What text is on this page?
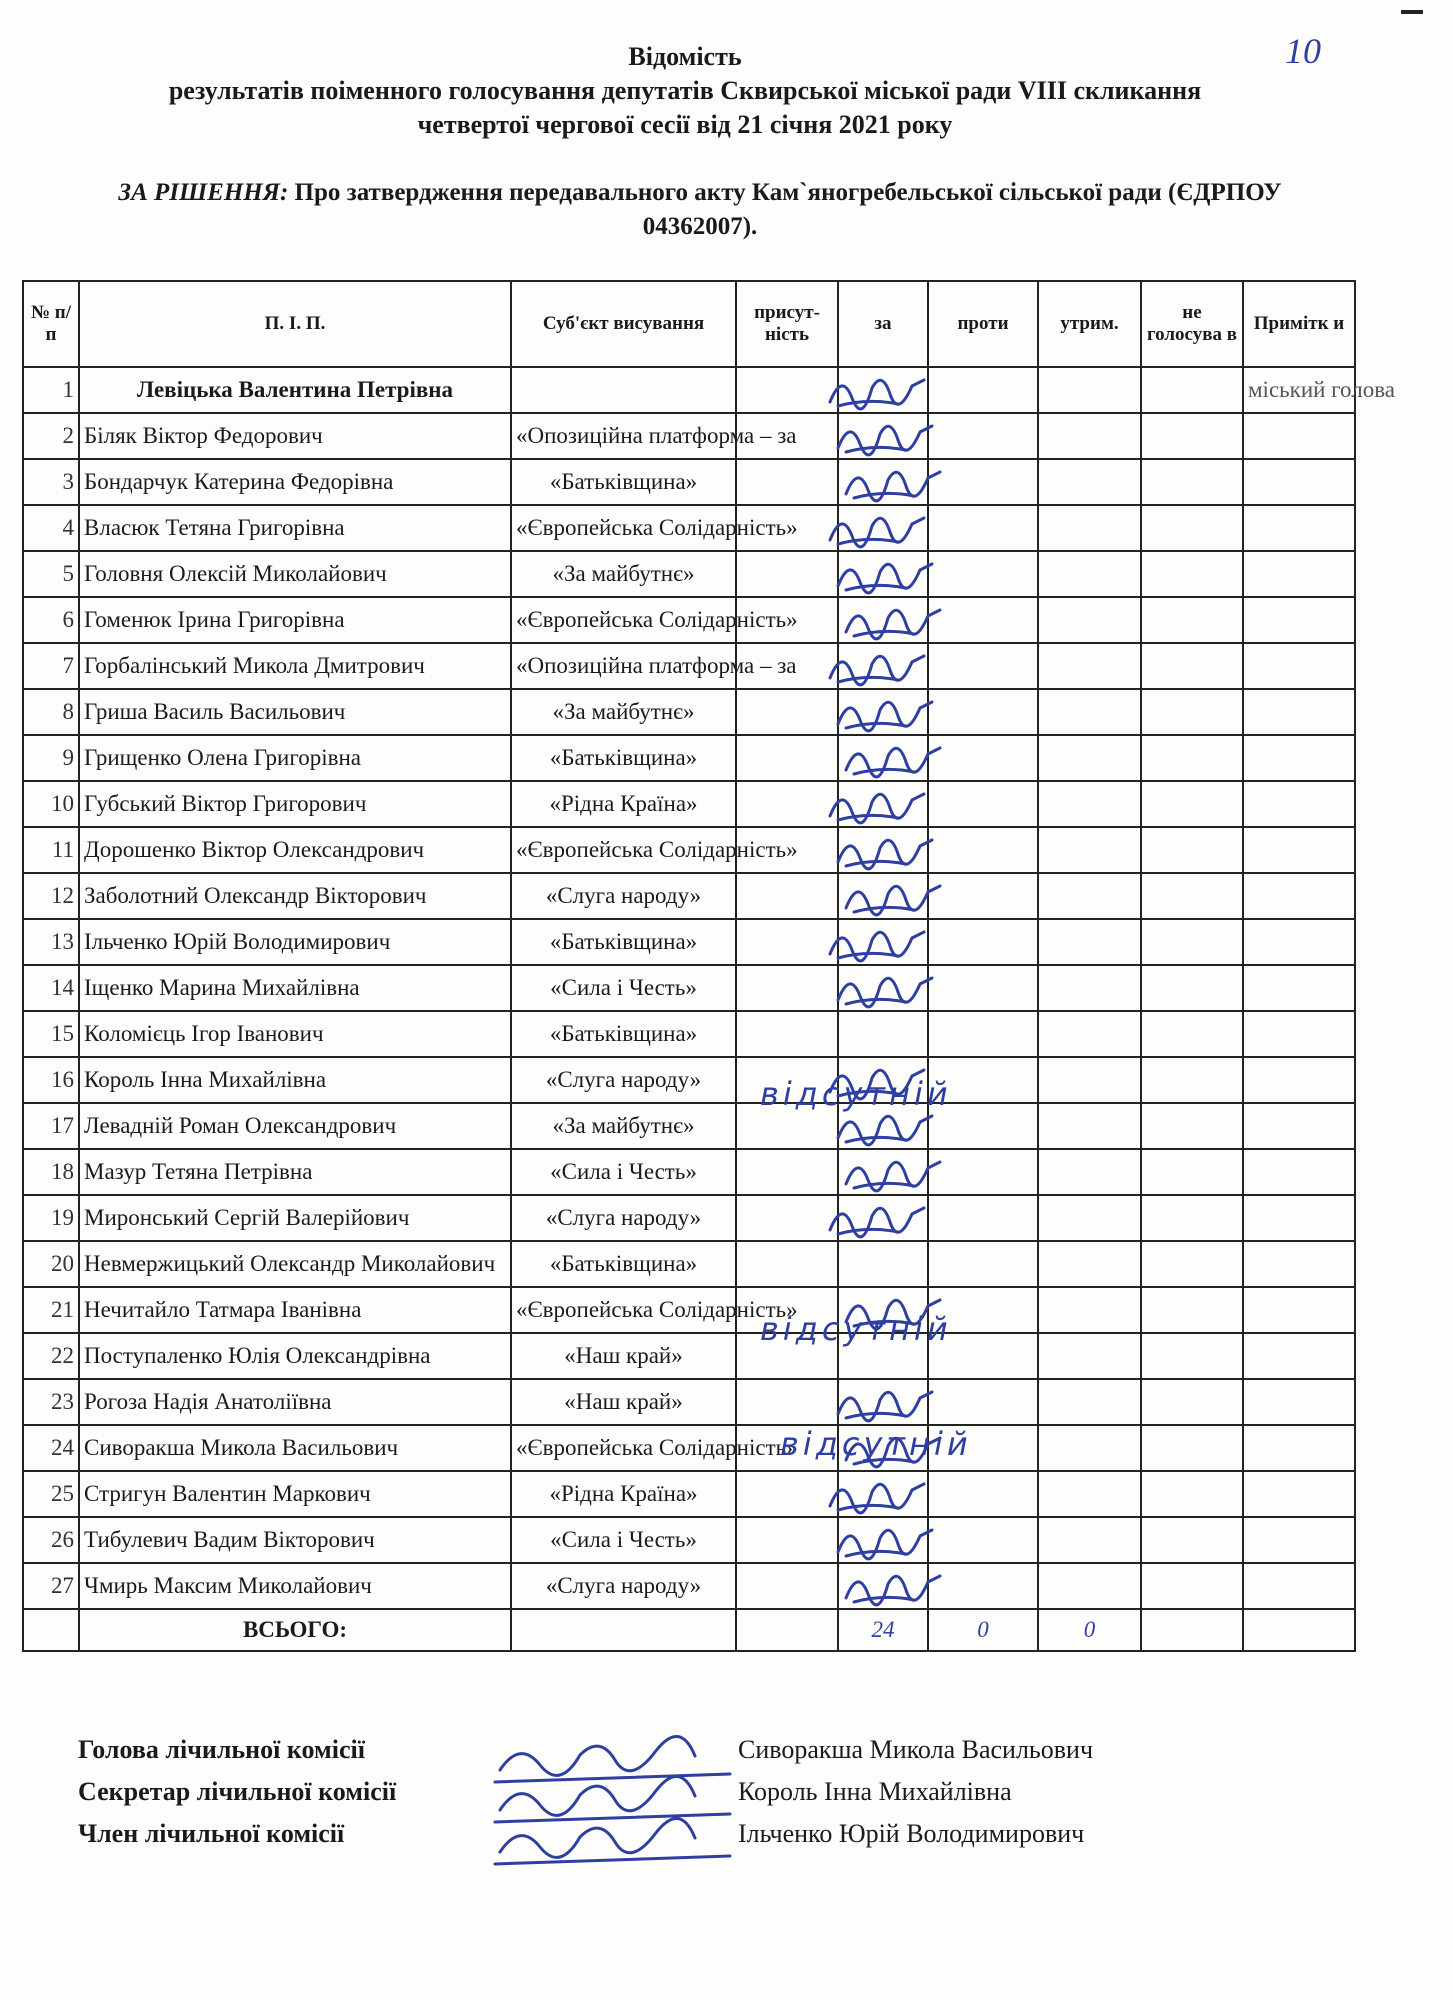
10
Відомість
результатів поіменного голосування депутатів Сквирської міської ради VIII скликання
четвертої чергової сесії від 21 січня 2021 року
ЗА РІШЕННЯ: Про затвердження передавального акту Кам`яногребельської сільської ради (ЄДРПОУ
04362007).
№ п/п	П. І. П.	Суб'єкт висування	присут-ність	за	проти	утрим.	не голосува в	Примітк и
1	Левіцька Валентина Петрівна							міський голова
2	Біляк Віктор Федорович	«Опозиційна платформа – за						
3	Бондарчук Катерина Федорівна	«Батьківщина»						
4	Власюк Тетяна Григорівна	«Європейська Солідарність»						
5	Головня Олексій Миколайович	«За майбутнє»						
6	Гоменюк Ірина Григорівна	«Європейська Солідарність»						
7	Горбалінський Микола Дмитрович	«Опозиційна платформа – за						
8	Гриша Василь Васильович	«За майбутнє»						
9	Грищенко Олена Григорівна	«Батьківщина»						
10	Губський Віктор Григорович	«Рідна Країна»						
11	Дорошенко Віктор Олександрович	«Європейська Солідарність»						
12	Заболотний Олександр Вікторович	«Слуга народу»						
13	Ільченко Юрій Володимирович	«Батьківщина»						
14	Іщенко Марина Михайлівна	«Сила і Честь»						
15	Коломієць Ігор Іванович	«Батьківщина»						
16	Король Інна Михайлівна	«Слуга народу»						
17	Левадній Роман Олександрович	«За майбутнє»						
18	Мазур Тетяна Петрівна	«Сила і Честь»						
19	Миронський Сергій Валерійович	«Слуга народу»						
20	Невмержицький Олександр Миколайович	«Батьківщина»						
21	Нечитайло Татмара Іванівна	«Європейська Солідарність»						
22	Поступаленко Юлія Олександрівна	«Наш край»						
23	Рогоза Надія Анатоліївна	«Наш край»						
24	Сиворакша Микола Васильович	«Європейська Солідарність»						
25	Стригун Валентин Маркович	«Рідна Країна»						
26	Тибулевич Вадим Вікторович	«Сила і Честь»						
27	Чмирь Максим Миколайович	«Слуга народу»						
	ВСЬОГО:			24	0	0		
відсутній
відсутній
відсутній
Голова лічильної комісії	Сиворакша Микола Васильович
Секретар лічильної комісії	Король Інна Михайлівна
Член лічильної комісії	Ільченко Юрій Володимирович
